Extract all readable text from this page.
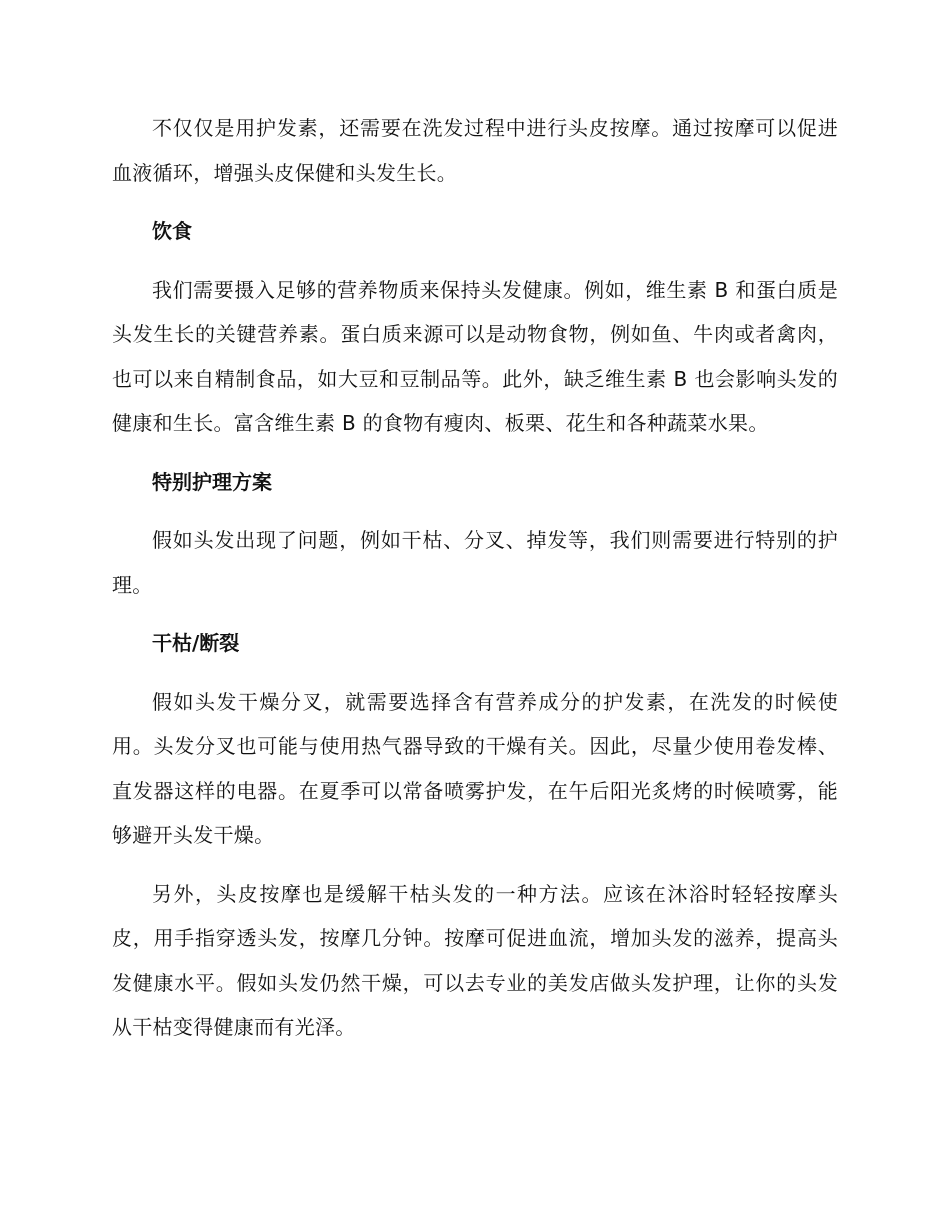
不仅仅是用护发素，还需要在洗发过程中进行头皮按摩。通过按摩可以促进血液循环，增强头皮保健和头发生长。

饮食

我们需要摄入足够的营养物质来保持头发健康。例如，维生素 B 和蛋白质是头发生长的关键营养素。蛋白质来源可以是动物食物，例如鱼、牛肉或者禽肉，也可以来自精制食品，如大豆和豆制品等。此外，缺乏维生素 B 也会影响头发的健康和生长。富含维生素 B 的食物有瘦肉、板栗、花生和各种蔬菜水果。

特别护理方案

假如头发出现了问题，例如干枯、分叉、掉发等，我们则需要进行特别的护理。

干枯/断裂

假如头发干燥分叉，就需要选择含有营养成分的护发素，在洗发的时候使用。头发分叉也可能与使用热气器导致的干燥有关。因此，尽量少使用卷发棒、直发器这样的电器。在夏季可以常备喷雾护发，在午后阳光炙烤的时候喷雾，能够避开头发干燥。

另外，头皮按摩也是缓解干枯头发的一种方法。应该在沐浴时轻轻按摩头皮，用手指穿透头发，按摩几分钟。按摩可促进血流，增加头发的滋养，提高头发健康水平。假如头发仍然干燥，可以去专业的美发店做头发护理，让你的头发从干枯变得健康而有光泽。
